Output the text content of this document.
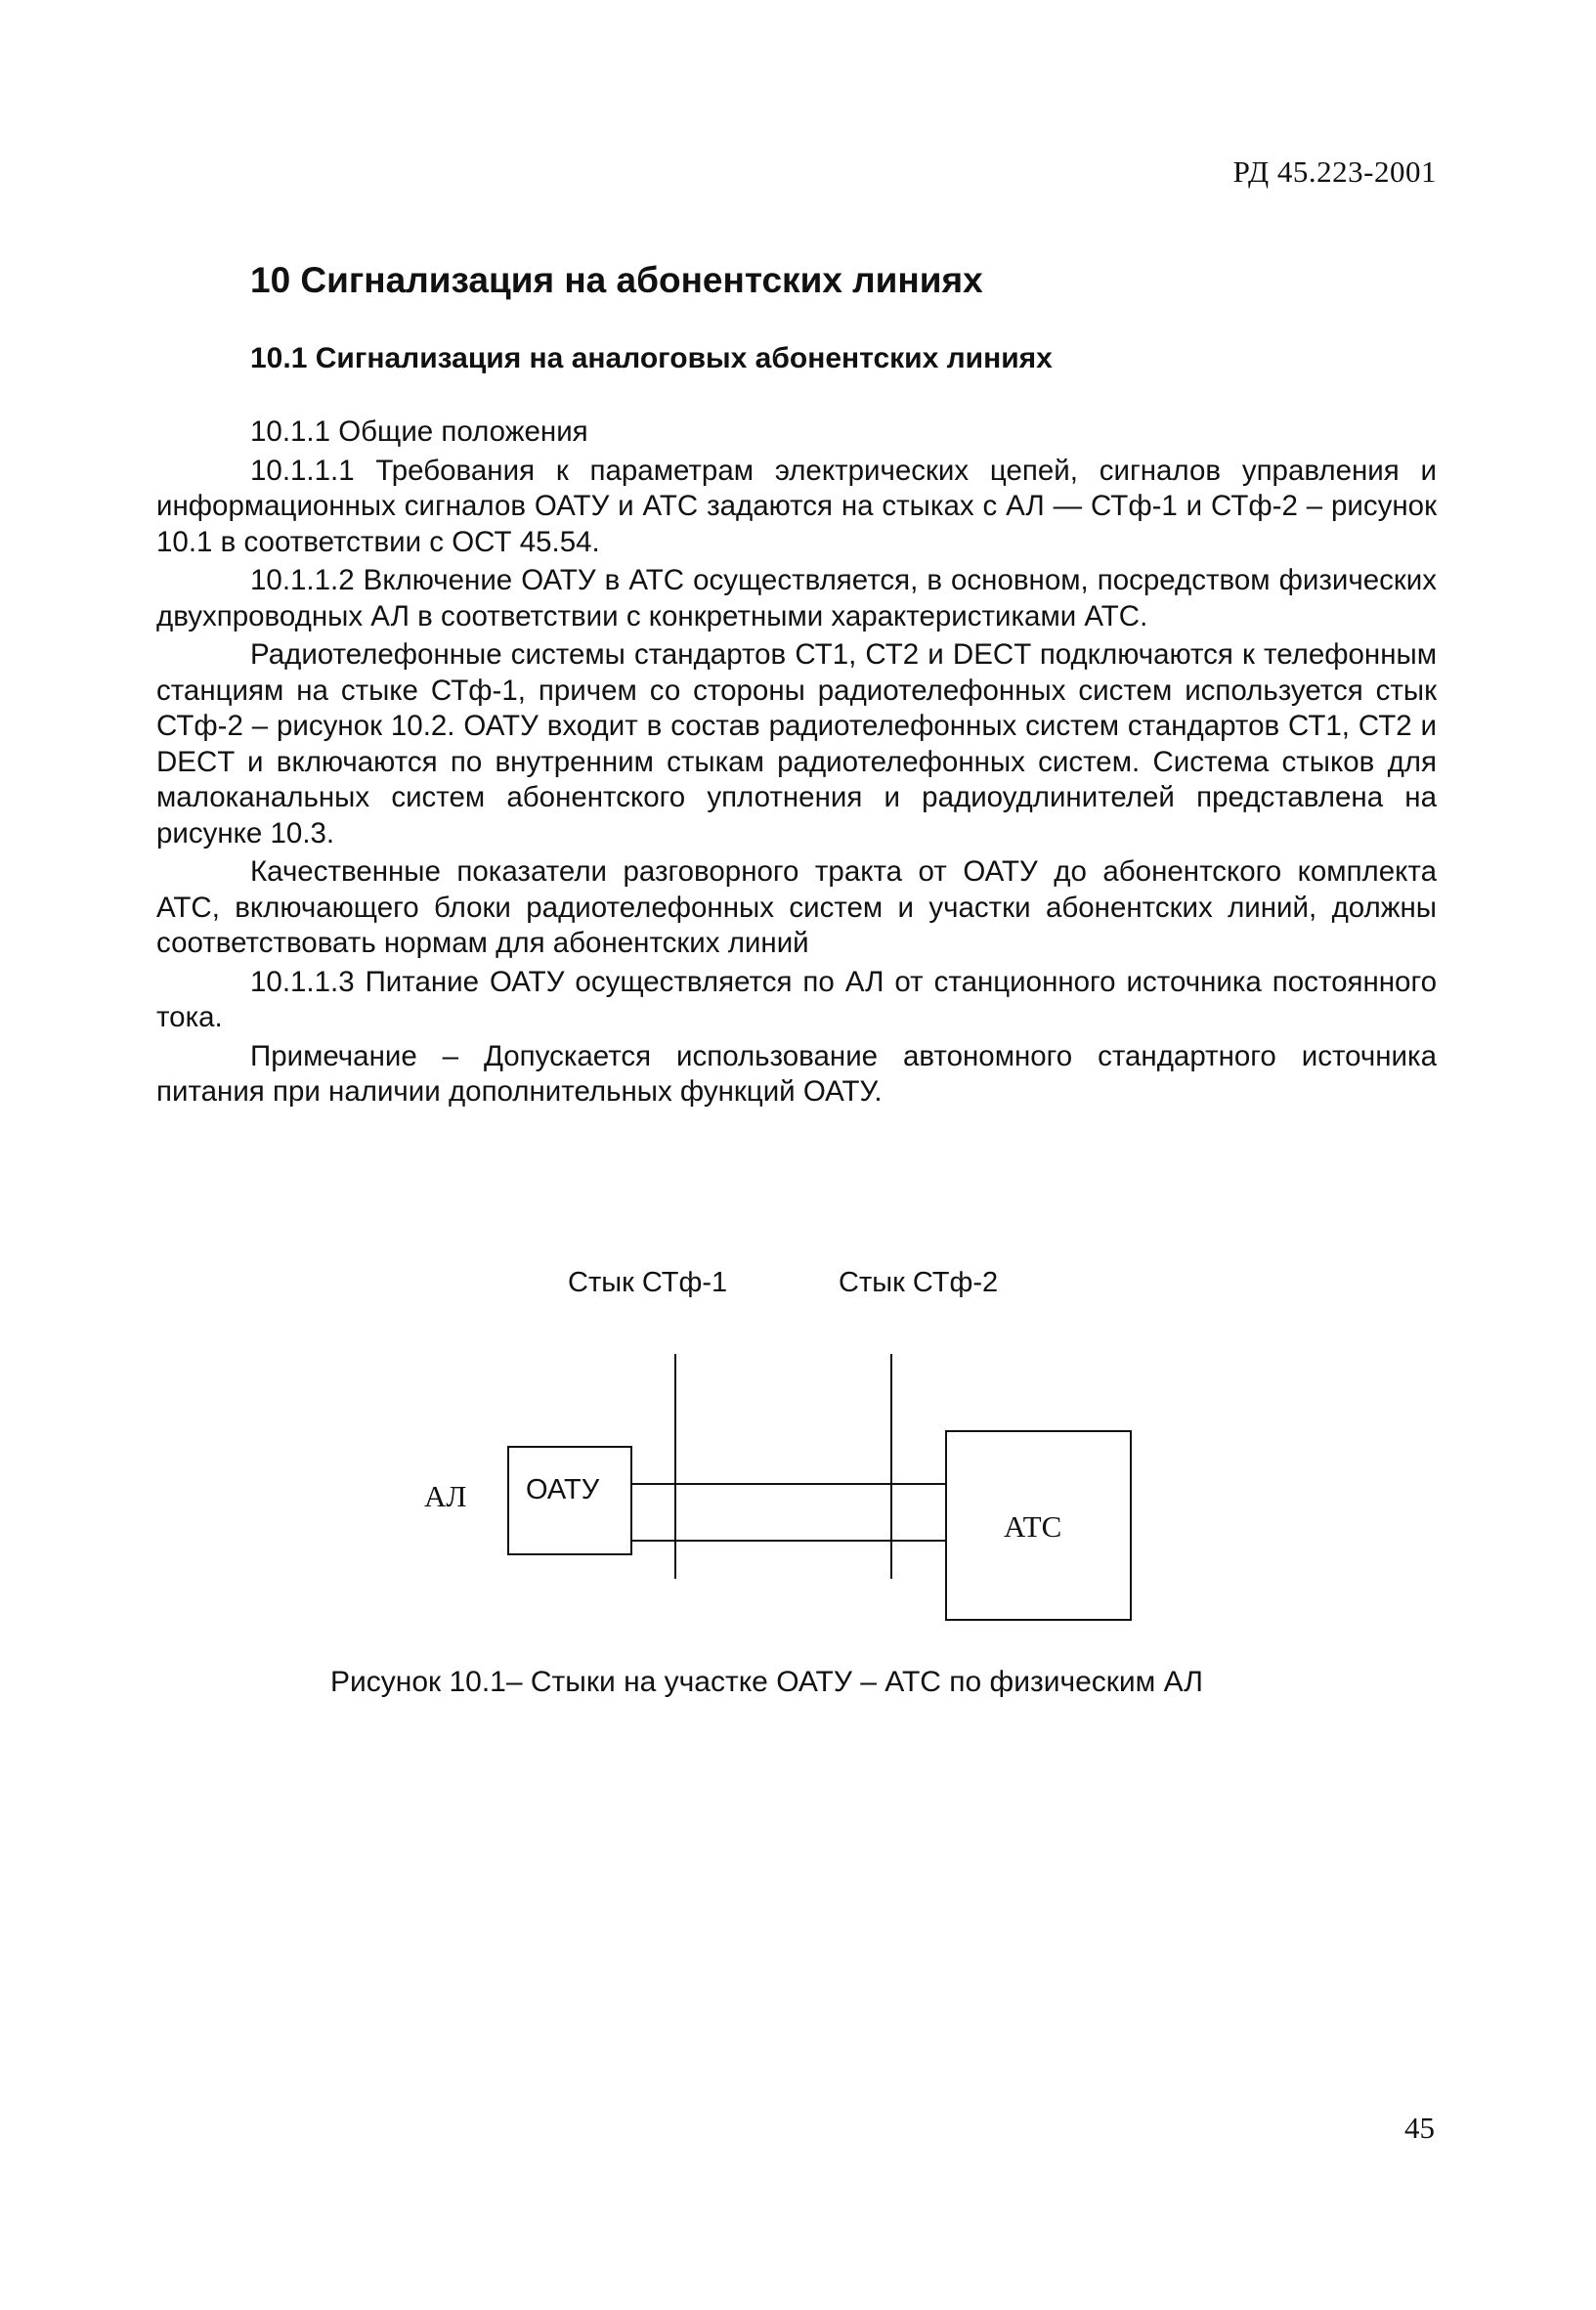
РД 45.223-2001
10 Сигнализация на абонентских линиях
10.1 Сигнализация на аналоговых абонентских линиях

10.1.1 Общие положения

10.1.1.1 Требования к параметрам электрических цепей, сигналов управления и информационных сигналов ОАТУ и АТС задаются на стыках с АЛ — СТф-1 и СТф-2 – рисунок 10.1 в соответствии с ОСТ 45.54.

10.1.1.2 Включение ОАТУ в АТС осуществляется, в основном, посредством физических двухпроводных АЛ в соответствии с конкретными характеристиками АТС.

Радиотелефонные системы стандартов СТ1, СТ2 и DECT подключаются к телефонным станциям на стыке СТф-1, причем со стороны радиотелефонных систем используется стык СТф-2 – рисунок 10.2. ОАТУ входит в состав радиотелефонных систем стандартов СТ1, СТ2 и DECT и включаются по внутренним стыкам радиотелефонных систем. Система стыков для малоканальных систем абонентского уплотнения и радиоудлинителей представлена на рисунке 10.3.

Качественные показатели разговорного тракта от ОАТУ до абонентского комплекта АТС, включающего блоки радиотелефонных систем и участки абонентских линий, должны соответствовать нормам для абонентских линий

10.1.1.3 Питание ОАТУ осуществляется по АЛ от станционного источника постоянного тока.

Примечание – Допускается использование автономного стандартного источника питания при наличии дополнительных функций ОАТУ.

Стык СТф-1	Стык СТф-2
АЛ ОАТУ
АТС
Рисунок 10.1– Стыки на участке ОАТУ – АТС по физическим АЛ
45
